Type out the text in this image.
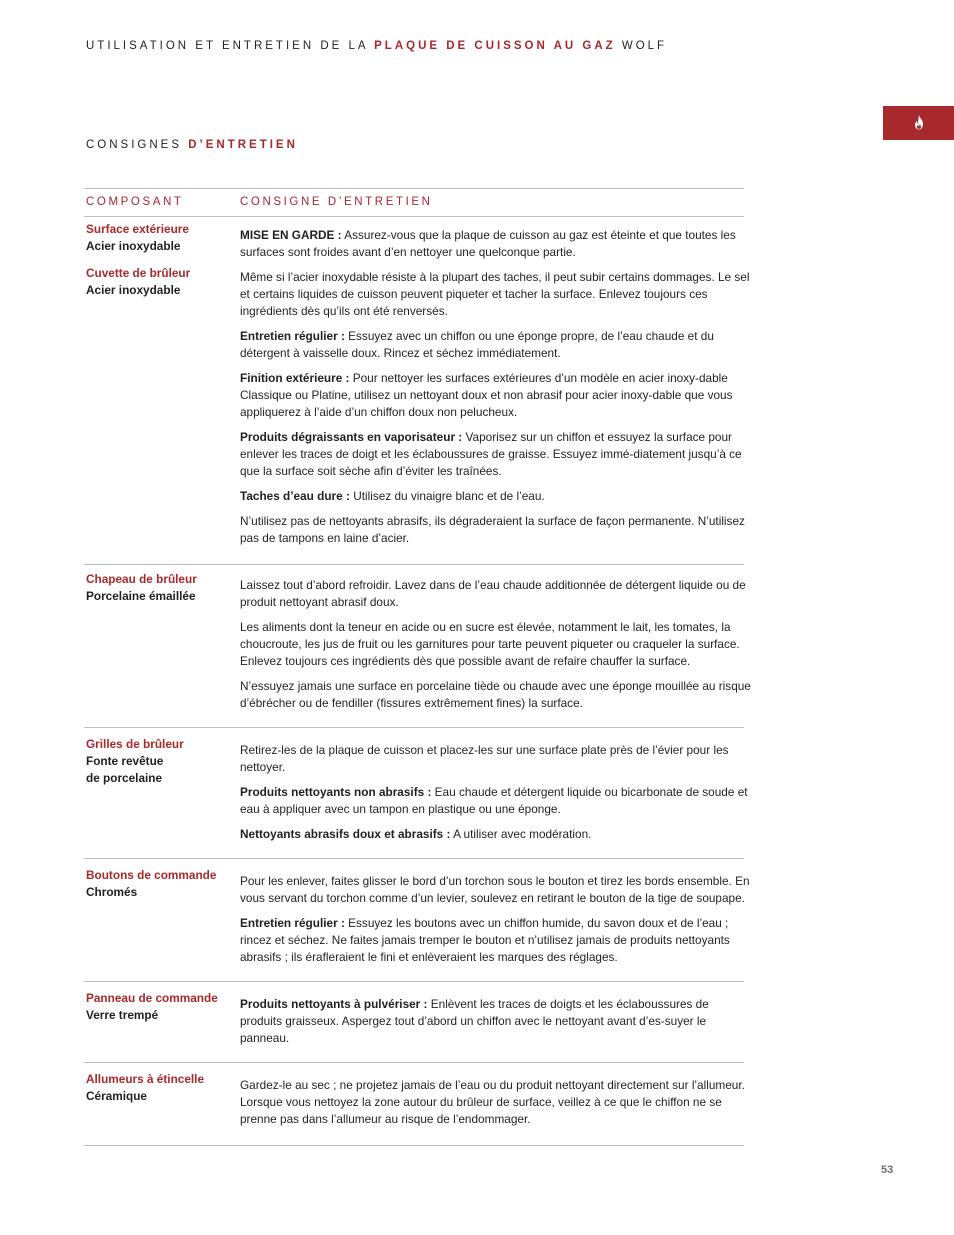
UTILISATION ET ENTRETIEN DE LA PLAQUE DE CUISSON AU GAZ WOLF
CONSIGNES D’ENTRETIEN
COMPOSANT	CONSIGNE D’ENTRETIEN
Surface extérieure
Acier inoxydable
Cuvette de brûleur
Acier inoxydable

MISE EN GARDE : Assurez-vous que la plaque de cuisson au gaz est éteinte et que toutes les surfaces sont froides avant d’en nettoyer une quelconque partie.

Même si l’acier inoxydable résiste à la plupart des taches, il peut subir certains dommages. Le sel et certains liquides de cuisson peuvent piqueter et tacher la surface. Enlevez toujours ces ingrédients dès qu’ils ont été renversés.

Entretien régulier : Essuyez avec un chiffon ou une éponge propre, de l’eau chaude et du détergent à vaisselle doux. Rincez et séchez immédiatement.

Finition extérieure : Pour nettoyer les surfaces extérieures d’un modèle en acier inoxy-dable Classique ou Platine, utilisez un nettoyant doux et non abrasif pour acier inoxy-dable que vous appliquerez à l’aide d’un chiffon doux non pelucheux.

Produits dégraissants en vaporisateur : Vaporisez sur un chiffon et essuyez la surface pour enlever les traces de doigt et les éclaboussures de graisse. Essuyez immé-diatement jusqu’à ce que la surface soit sèche afin d’éviter les traînées.

Taches d’eau dure : Utilisez du vinaigre blanc et de l’eau.

N’utilisez pas de nettoyants abrasifs, ils dégraderaient la surface de façon permanente. N’utilisez pas de tampons en laine d’acier.

Chapeau de brûleur
Porcelaine émaillée

Laissez tout d’abord refroidir. Lavez dans de l’eau chaude additionnée de détergent liquide ou de produit nettoyant abrasif doux.

Les aliments dont la teneur en acide ou en sucre est élevée, notamment le lait, les tomates, la choucroute, les jus de fruit ou les garnitures pour tarte peuvent piqueter ou craqueler la surface. Enlevez toujours ces ingrédients dès que possible avant de refaire chauffer la surface.

N’essuyez jamais une surface en porcelaine tiède ou chaude avec une éponge mouillée au risque d’ébrécher ou de fendiller (fissures extrêmement fines) la surface.

Grilles de brûleur
Fonte revêtue
de porcelaine

Retirez-les de la plaque de cuisson et placez-les sur une surface plate près de l’évier pour les nettoyer.

Produits nettoyants non abrasifs : Eau chaude et détergent liquide ou bicarbonate de soude et eau à appliquer avec un tampon en plastique ou une éponge.

Nettoyants abrasifs doux et abrasifs : A utiliser avec modération.

Boutons de commande
Chromés

Pour les enlever, faites glisser le bord d’un torchon sous le bouton et tirez les bords ensemble. En vous servant du torchon comme d’un levier, soulevez en retirant le bouton de la tige de soupape.

Entretien régulier : Essuyez les boutons avec un chiffon humide, du savon doux et de l’eau ; rincez et séchez. Ne faites jamais tremper le bouton et n’utilisez jamais de produits nettoyants abrasifs ; ils érafleraient le fini et enlèveraient les marques des réglages.

Panneau de commande
Verre trempé

Produits nettoyants à pulvériser : Enlèvent les traces de doigts et les éclaboussures de produits graisseux. Aspergez tout d’abord un chiffon avec le nettoyant avant d’es-suyer le panneau.

Allumeurs à étincelle
Céramique

Gardez-le au sec ; ne projetez jamais de l’eau ou du produit nettoyant directement sur l’allumeur. Lorsque vous nettoyez la zone autour du brûleur de surface, veillez à ce que le chiffon ne se prenne pas dans l’allumeur au risque de l’endommager.

53
